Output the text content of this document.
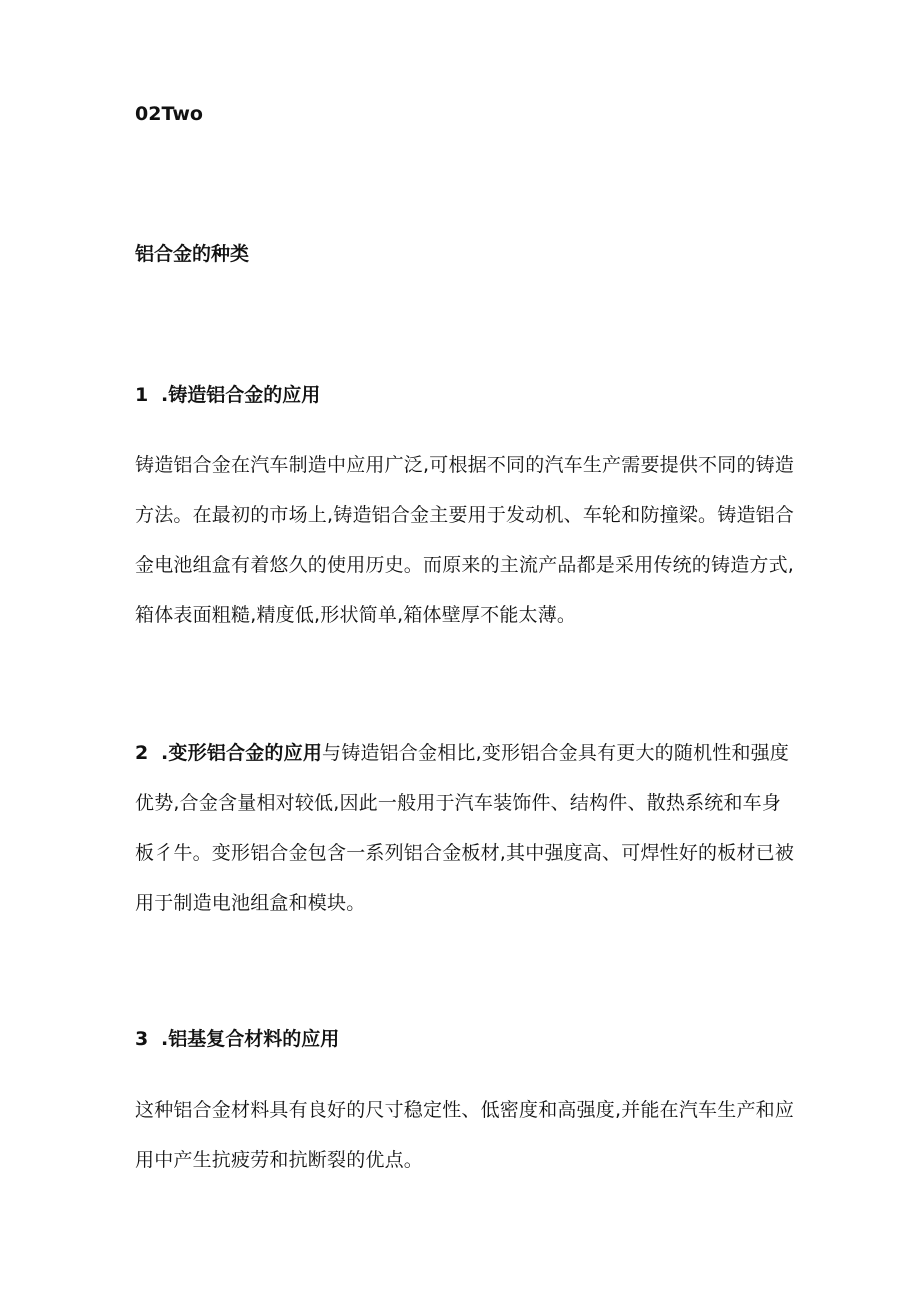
02Two
铝合金的种类
1 .铸造铝合金的应用
铸造铝合金在汽车制造中应用广泛,可根据不同的汽车生产需要提供不同的铸造方法。在最初的市场上,铸造铝合金主要用于发动机、车轮和防撞梁。铸造铝合金电池组盒有着悠久的使用历史。而原来的主流产品都是采用传统的铸造方式,箱体表面粗糙,精度低,形状简单,箱体壁厚不能太薄。
2 .变形铝合金的应用与铸造铝合金相比,变形铝合金具有更大的随机性和强度优势,合金含量相对较低,因此一般用于汽车装饰件、结构件、散热系统和车身板彳牛。变形铝合金包含一系列铝合金板材,其中强度高、可焊性好的板材已被用于制造电池组盒和模块。
3 .铝基复合材料的应用
这种铝合金材料具有良好的尺寸稳定性、低密度和高强度,并能在汽车生产和应用中产生抗疲劳和抗断裂的优点。
